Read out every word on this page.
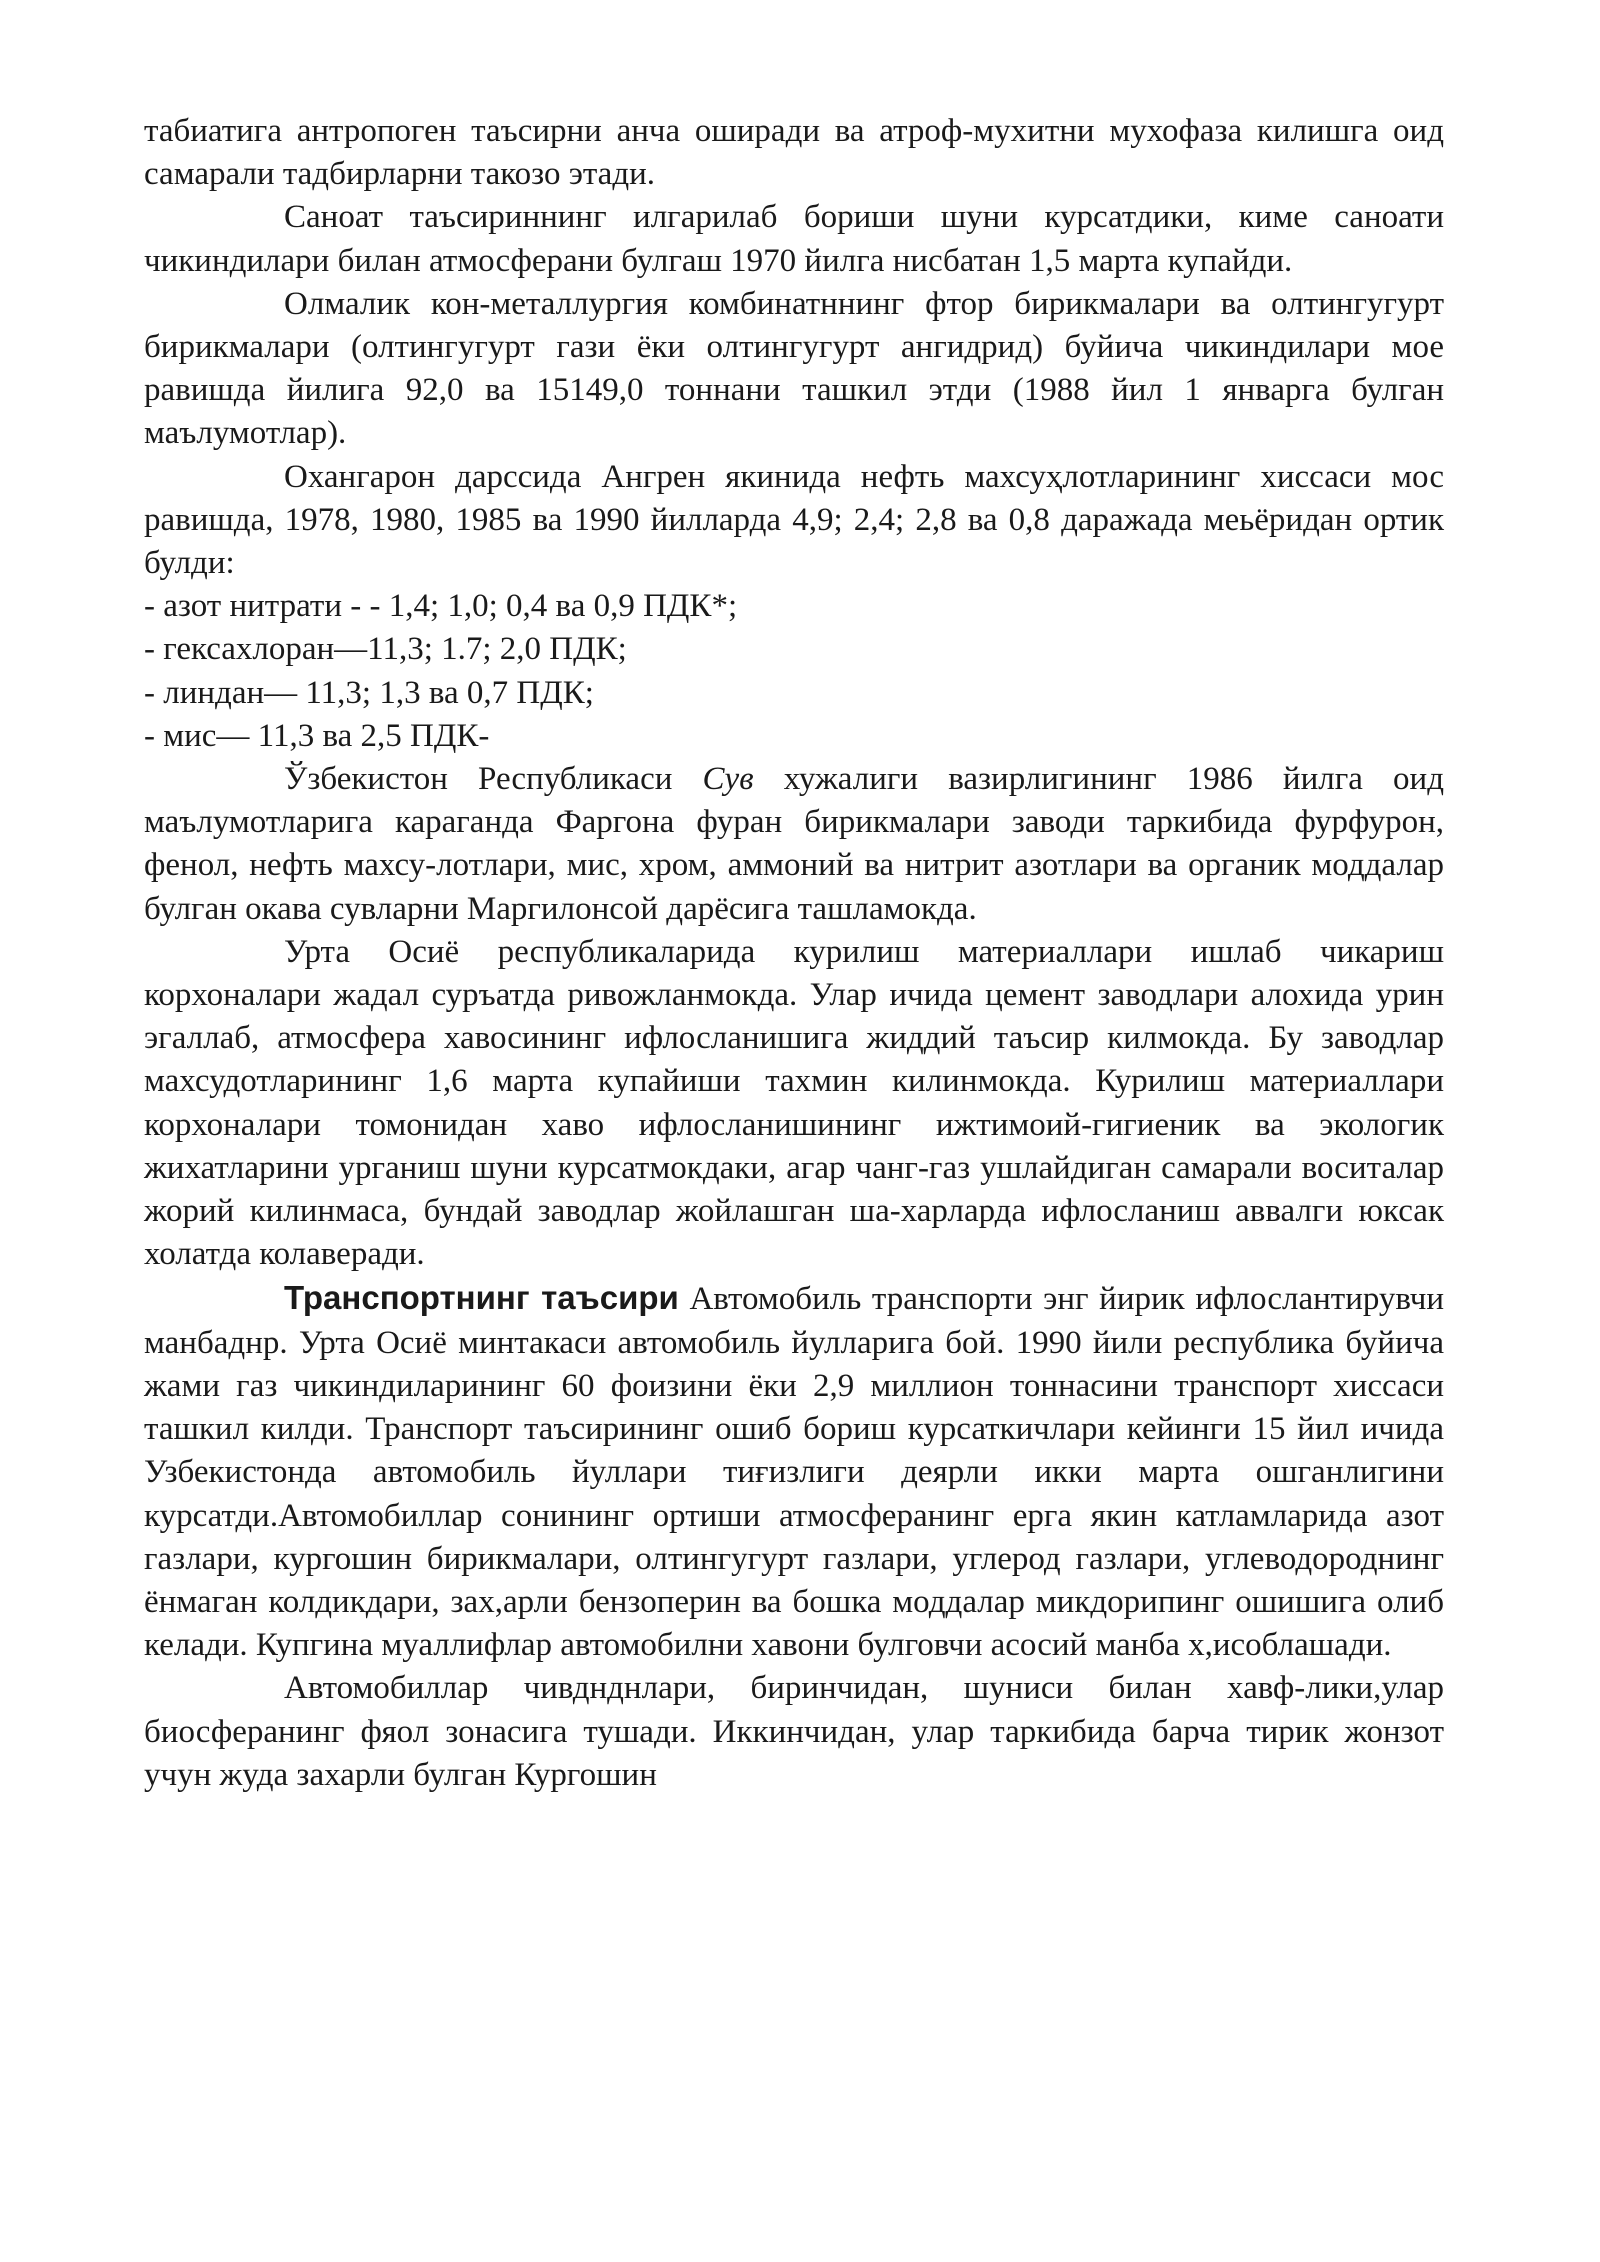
табиатига антропоген таъсирни анча оширади ва атроф-мухитни мухофаза килишга оид самарали тадбирларни такозо этади.

Саноат таъсириннинг илгарилаб бориши шуни курсатдики, киме саноати чикиндилари билан атмосферани булгаш 1970 йилга нисбатан 1,5 марта купайди.

Олмалик кон-металлургия комбинатннинг фтор бирикмалари ва олтингугурт бирикмалари (олтингугурт гази ёки олтингугурт ангидрид) буйича чикиндилари мое равишда йилига 92,0 ва 15149,0 тоннани ташкил этди (1988 йил 1 январга булган маълумотлар).

Охангарон дарссида Ангрен якинида нефть махсуҳлотларининг хиссаси мос равишда, 1978, 1980, 1985 ва 1990 йилларда 4,9; 2,4; 2,8 ва 0,8 даражада меьёридан ортик булди:

- азот нитрати - - 1,4; 1,0; 0,4 ва 0,9 ПДК*;

- гексахлоран—11,3; 1.7; 2,0 ПДК;

- линдан— 11,3; 1,3 ва 0,7 ПДК;

- мис— 11,3 ва 2,5 ПДК-

Ўзбекистон Республикаси Сув хужалиги вазирлигининг 1986 йилга оид маълумотларига караганда Фаргона фуран бирикмалари заводи таркибида фурфурон, фенол, нефть махсу-лотлари, мис, хром, аммоний ва нитрит азотлари ва органик моддалар булган окава сувларни Маргилонсой дарёсига ташламокда.

Урта Осиё республикаларида курилиш материаллари ишлаб чикариш корхоналари жадал суръатда ривожланмокда. Улар ичида цемент заводлари алохида урин эгаллаб, атмосфера хавосининг ифлосланишига жиддий таъсир килмокда. Бу заводлар махсудотларининг 1,6 марта купайиши тахмин килинмокда. Курилиш материаллари корхоналари томонидан хаво ифлосланишининг ижтимоий-гигиеник ва экологик жихатларини урганиш шуни курсатмокдаки, агар чанг-газ ушлайдиган самарали воситалар жорий килинмаса, бундай заводлар жойлашган ша-харларда ифлосланиш аввалги юксак холатда колаверади.

Транспортнинг таъсири Автомобиль транспорти энг йирик ифлослантирувчи манбаднр. Урта Осиё минтакаси автомобиль йулларига бой. 1990 йили республика буйича жами газ чикиндиларининг 60 фоизини ёки 2,9 миллион тоннасини транспорт хиссаси ташкил килди. Транспорт таъсирининг ошиб бориш курсаткичлари кейинги 15 йил ичида Узбекистонда автомобиль йуллари тиғизлиги деярли икки марта ошганлигини курсатди.Автомобиллар сонининг ортиши атмосферанинг ерга якин катламларида азот газлари, кургошин бирикмалари, олтингугурт газлари, углерод газлари, углеводороднинг ёнмаган колдикдари, зах,арли бензоперин ва бошка моддалар микдорипинг ошишига олиб келади. Купгина муаллифлар автомобилни хавони булговчи асосий манба х,исоблашади.

Автомобиллар чивднднлари, биринчидан, шуниси билан хавф-лики,улар биосферанинг фяол зонасига тушади. Иккинчидан, улар таркибида барча тирик жонзот учун жуда захарли булган Кургошин
